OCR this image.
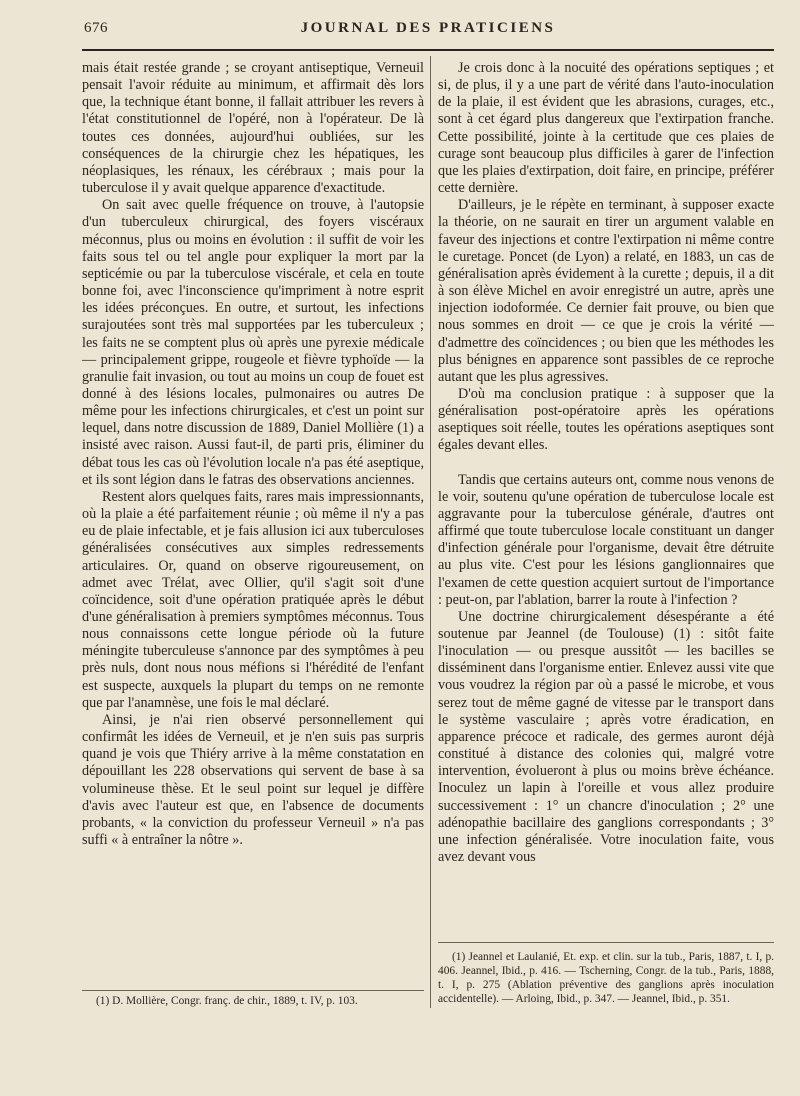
676	JOURNAL DES PRATICIENS

mais était restée grande ; se croyant antiseptique, Verneuil pensait l'avoir réduite au minimum, et affirmait dès lors que, la technique étant bonne, il fallait attribuer les revers à l'état constitutionnel de l'opéré, non à l'opérateur. De là toutes ces données, aujourd'hui oubliées, sur les conséquences de la chirurgie chez les hépatiques, les néoplasiques, les rénaux, les cérébraux ; mais pour la tuberculose il y avait quelque apparence d'exactitude.

On sait avec quelle fréquence on trouve, à l'autopsie d'un tuberculeux chirurgical, des foyers viscéraux méconnus, plus ou moins en évolution : il suffit de voir les faits sous tel ou tel angle pour expliquer la mort par la septicémie ou par la tuberculose viscérale, et cela en toute bonne foi, avec l'inconscience qu'impriment à notre esprit les idées préconçues. En outre, et surtout, les infections surajoutées sont très mal supportées par les tuberculeux ; les faits ne se comptent plus où après une pyrexie médicale — principalement grippe, rougeole et fièvre typhoïde — la granulie fait invasion, ou tout au moins un coup de fouet est donné à des lésions locales, pulmonaires ou autres De même pour les infections chirurgicales, et c'est un point sur lequel, dans notre discussion de 1889, Daniel Mollière (1) a insisté avec raison. Aussi faut-il, de parti pris, éliminer du débat tous les cas où l'évolution locale n'a pas été aseptique, et ils sont légion dans le fatras des observations anciennes.

Restent alors quelques faits, rares mais impressionnants, où la plaie a été parfaitement réunie ; où même il n'y a pas eu de plaie infectable, et je fais allusion ici aux tuberculoses généralisées consécutives aux simples redressements articulaires. Or, quand on observe rigoureusement, on admet avec Trélat, avec Ollier, qu'il s'agit soit d'une coïncidence, soit d'une opération pratiquée après le début d'une généralisation à premiers symptômes méconnus. Tous nous connaissons cette longue période où la future méningite tuberculeuse s'annonce par des symptômes à peu près nuls, dont nous nous méfions si l'hérédité de l'enfant est suspecte, auxquels la plupart du temps on ne remonte que par l'anamnèse, une fois le mal déclaré.

Ainsi, je n'ai rien observé personnellement qui confirmât les idées de Verneuil, et je n'en suis pas surpris quand je vois que Thiéry arrive à la même constatation en dépouillant les 228 observations qui servent de base à sa volumineuse thèse. Et le seul point sur lequel je diffère d'avis avec l'auteur est que, en l'absence de documents probants, « la conviction du professeur Verneuil » n'a pas suffi « à entraîner la nôtre ».

Je crois donc à la nocuité des opérations septiques ; et si, de plus, il y a une part de vérité dans l'auto-inoculation de la plaie, il est évident que les abrasions, curages, etc., sont à cet égard plus dangereux que l'extirpation franche. Cette possibilité, jointe à la certitude que ces plaies de curage sont beaucoup plus difficiles à garer de l'infection que les plaies d'extirpation, doit faire, en principe, préférer cette dernière.

D'ailleurs, je le répète en terminant, à supposer exacte la théorie, on ne saurait en tirer un argument valable en faveur des injections et contre l'extirpation ni même contre le curetage. Poncet (de Lyon) a relaté, en 1883, un cas de généralisation après évidement à la curette ; depuis, il a dit à son élève Michel en avoir enregistré un autre, après une injection iodoformée. Ce dernier fait prouve, ou bien que nous sommes en droit — ce que je crois la vérité — d'admettre des coïncidences ; ou bien que les méthodes les plus bénignes en apparence sont passibles de ce reproche autant que les plus agressives.

D'où ma conclusion pratique : à supposer que la généralisation post-opératoire après les opérations aseptiques soit réelle, toutes les opérations aseptiques sont égales devant elles.

Tandis que certains auteurs ont, comme nous venons de le voir, soutenu qu'une opération de tuberculose locale est aggravante pour la tuberculose générale, d'autres ont affirmé que toute tuberculose locale constituant un danger d'infection générale pour l'organisme, devait être détruite au plus vite. C'est pour les lésions ganglionnaires que l'examen de cette question acquiert surtout de l'importance : peut-on, par l'ablation, barrer la route à l'infection ?

Une doctrine chirurgicalement désespérante a été soutenue par Jeannel (de Toulouse) (1) : sitôt faite l'inoculation — ou presque aussitôt — les bacilles se disséminent dans l'organisme entier. Enlevez aussi vite que vous voudrez la région par où a passé le microbe, et vous serez tout de même gagné de vitesse par le transport dans le système vasculaire ; après votre éradication, en apparence précoce et radicale, des germes auront déjà constitué à distance des colonies qui, malgré votre intervention, évolueront à plus ou moins brève échéance. Inoculez un lapin à l'oreille et vous allez produire successivement : 1° un chancre d'inoculation ; 2° une adénopathie bacillaire des ganglions correspondants ; 3° une infection généralisée. Votre inoculation faite, vous avez devant vous

(1) D. Mollière, Congr. franç. de chir., 1889, t. IV, p. 103.

(1) Jeannel et Laulanié, Et. exp. et clin. sur la tub., Paris, 1887, t. I, p. 406. Jeannel, Ibid., p. 416. — Tscherning, Congr. de la tub., Paris, 1888, t. I, p. 275 (Ablation préventive des ganglions après inoculation accidentelle). — Arloing, Ibid., p. 347. — Jeannel, Ibid., p. 351.
